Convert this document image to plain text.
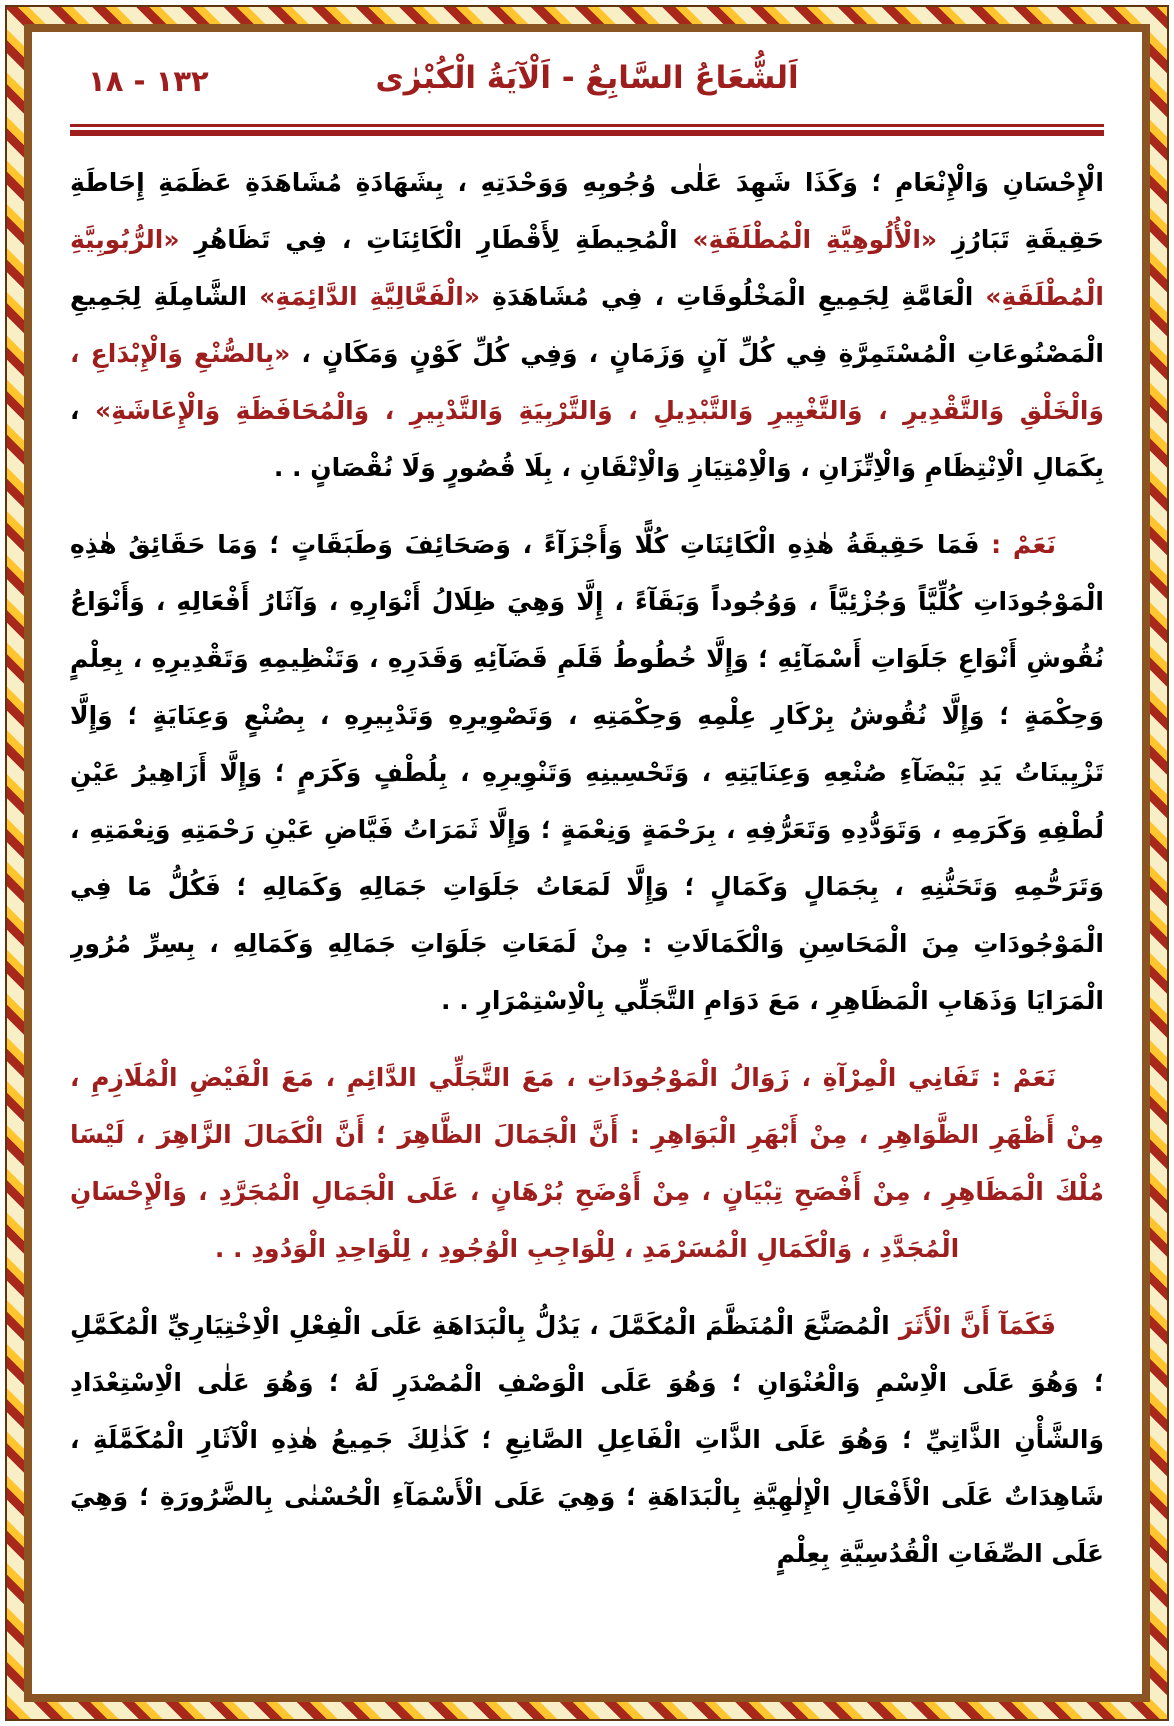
اَلشُّعَاعُ السَّابِعُ - اَلْآيَةُ الْكُبْرٰى
١٣٢ - ١٨

الْإِحْسَانِ وَالْإِنْعَامِ ؛ وَكَذَا شَهِدَ عَلٰى وُجُوبِهِ وَوَحْدَتِهِ ، بِشَهَادَةِ مُشَاهَدَةِ عَظَمَةِ إِحَاطَةِ حَقِيقَةِ تَبَارُزِ «الْأُلُوهِيَّةِ الْمُطْلَقَةِ» الْمُحِيطَةِ لِأَقْطَارِ الْكَائِنَاتِ ، فِي تَظَاهُرِ «الرُّبُوبِيَّةِ الْمُطْلَقَةِ» الْعَامَّةِ لِجَمِيعِ الْمَخْلُوقَاتِ ، فِي مُشَاهَدَةِ «الْفَعَّالِيَّةِ الدَّائِمَةِ» الشَّامِلَةِ لِجَمِيعِ الْمَصْنُوعَاتِ الْمُسْتَمِرَّةِ فِي كُلِّ آنٍ وَزَمَانٍ ، وَفِي كُلِّ كَوْنٍ وَمَكَانٍ ، «بِالصُّنْعِ وَالْإِبْدَاعِ ، وَالْخَلْقِ وَالتَّقْدِيرِ ، وَالتَّغْيِيرِ وَالتَّبْدِيلِ ، وَالتَّرْبِيَةِ وَالتَّدْبِيرِ ، وَالْمُحَافَظَةِ وَالْإِعَاشَةِ» ، بِكَمَالِ الْاِنْتِظَامِ وَالْاِتِّزَانِ ، وَالْاِمْتِيَازِ وَالْاِتْقَانِ ، بِلَا قُصُورٍ وَلَا نُقْصَانٍ . .

نَعَمْ : فَمَا حَقِيقَةُ هٰذِهِ الْكَائِنَاتِ كُلًّا وَأَجْزَآءً ، وَصَحَائِفَ وَطَبَقَاتٍ ؛ وَمَا حَقَائِقُ هٰذِهِ الْمَوْجُودَاتِ كُلِّيَّاً وَجُزْئِيَّاً ، وَوُجُوداً وَبَقَآءً ، إِلَّا وَهِيَ ظِلَالُ أَنْوَارِهِ ، وَآثَارُ أَفْعَالِهِ ، وَأَنْوَاعُ نُقُوشِ أَنْوَاعِ جَلَوَاتِ أَسْمَآئِهِ ؛ وَإِلَّا خُطُوطُ قَلَمِ قَضَآئِهِ وَقَدَرِهِ ، وَتَنْظِيمِهِ وَتَقْدِيرِهِ ، بِعِلْمٍ وَحِكْمَةٍ ؛ وَإِلَّا نُقُوشُ بِرْكَارِ عِلْمِهِ وَحِكْمَتِهِ ، وَتَصْوِيرِهِ وَتَدْبِيرِهِ ، بِصُنْعٍ وَعِنَايَةٍ ؛ وَإِلَّا تَزْيِينَاتُ يَدِ بَيْضَآءِ صُنْعِهِ وَعِنَايَتِهِ ، وَتَحْسِينِهِ وَتَنْوِيرِهِ ، بِلُطْفٍ وَكَرَمٍ ؛ وَإِلَّا أَزَاهِيرُ عَيْنِ لُطْفِهِ وَكَرَمِهِ ، وَتَوَدُّدِهِ وَتَعَرُّفِهِ ، بِرَحْمَةٍ وَنِعْمَةٍ ؛ وَإِلَّا ثَمَرَاتُ فَيَّاضِ عَيْنِ رَحْمَتِهِ وَنِعْمَتِهِ ، وَتَرَحُّمِهِ وَتَحَنُّنِهِ ، بِجَمَالٍ وَكَمَالٍ ؛ وَإِلَّا لَمَعَاتُ جَلَوَاتِ جَمَالِهِ وَكَمَالِهِ ؛ فَكُلُّ مَا فِي الْمَوْجُودَاتِ مِنَ الْمَحَاسِنِ وَالْكَمَالَاتِ : مِنْ لَمَعَاتِ جَلَوَاتِ جَمَالِهِ وَكَمَالِهِ ، بِسِرِّ مُرُورِ الْمَرَايَا وَذَهَابِ الْمَظَاهِرِ ، مَعَ دَوَامِ التَّجَلِّي بِالْاِسْتِمْرَارِ . .

نَعَمْ : تَفَانِي الْمِرْآةِ ، زَوَالُ الْمَوْجُودَاتِ ، مَعَ التَّجَلِّي الدَّائِمِ ، مَعَ الْفَيْضِ الْمُلَازِمِ ، مِنْ أَظْهَرِ الظَّوَاهِرِ ، مِنْ أَبْهَرِ الْبَوَاهِرِ : أَنَّ الْجَمَالَ الظَّاهِرَ ؛ أَنَّ الْكَمَالَ الزَّاهِرَ ، لَيْسَا مُلْكَ الْمَظَاهِرِ ، مِنْ أَفْصَحِ تِبْيَانٍ ، مِنْ أَوْضَحِ بُرْهَانٍ ، عَلَى الْجَمَالِ الْمُجَرَّدِ ، وَالْإِحْسَانِ الْمُجَدَّدِ ، وَالْكَمَالِ الْمُسَرْمَدِ ، لِلْوَاجِبِ الْوُجُودِ ، لِلْوَاحِدِ الْوَدُودِ . .

فَكَمَآ أَنَّ الْأَثَرَ الْمُصَنَّعَ الْمُنَظَّمَ الْمُكَمَّلَ ، يَدُلُّ بِالْبَدَاهَةِ عَلَى الْفِعْلِ الْاِخْتِيَارِيِّ الْمُكَمَّلِ ؛ وَهُوَ عَلَى الْاِسْمِ وَالْعُنْوَانِ ؛ وَهُوَ عَلَى الْوَصْفِ الْمُصْدَرِ لَهُ ؛ وَهُوَ عَلٰى الْاِسْتِعْدَادِ وَالشَّأْنِ الذَّاتِيِّ ؛ وَهُوَ عَلَى الذَّاتِ الْفَاعِلِ الصَّانِعِ ؛ كَذٰلِكَ جَمِيعُ هٰذِهِ الْآثَارِ الْمُكَمَّلَةِ ، شَاهِدَاتٌ عَلَى الْأَفْعَالِ الْإِلٰهِيَّةِ بِالْبَدَاهَةِ ؛ وَهِيَ عَلَى الْأَسْمَآءِ الْحُسْنٰى بِالضَّرُورَةِ ؛ وَهِيَ عَلَى الصِّفَاتِ الْقُدُسِيَّةِ بِعِلْمٍ
